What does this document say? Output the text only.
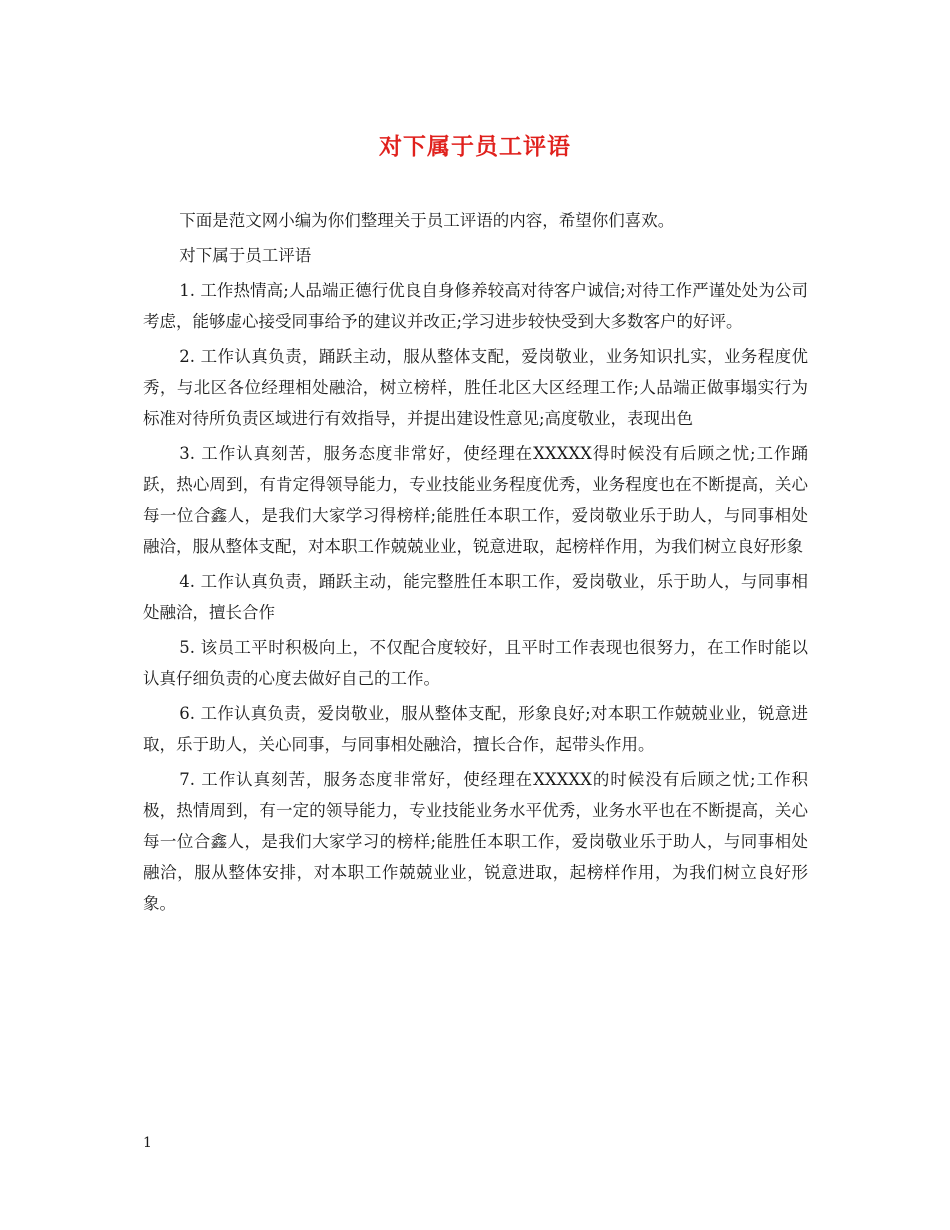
对下属于员工评语

下面是范文网小编为你们整理关于员工评语的内容，希望你们喜欢。

对下属于员工评语

1. 工作热情高;人品端正德行优良自身修养较高对待客户诚信;对待工作严谨处处为公司考虑，能够虚心接受同事给予的建议并改正;学习进步较快受到大多数客户的好评。

2. 工作认真负责，踊跃主动，服从整体支配，爱岗敬业，业务知识扎实，业务程度优秀，与北区各位经理相处融洽，树立榜样，胜任北区大区经理工作;人品端正做事塌实行为标准对待所负责区域进行有效指导，并提出建设性意见;高度敬业，表现出色

3. 工作认真刻苦，服务态度非常好，使经理在XXXXX得时候没有后顾之忧;工作踊跃，热心周到，有肯定得领导能力，专业技能业务程度优秀，业务程度也在不断提高，关心每一位合鑫人，是我们大家学习得榜样;能胜任本职工作，爱岗敬业乐于助人，与同事相处融洽，服从整体支配，对本职工作兢兢业业，锐意进取，起榜样作用，为我们树立良好形象

4. 工作认真负责，踊跃主动，能完整胜任本职工作，爱岗敬业，乐于助人，与同事相处融洽，擅长合作

5. 该员工平时积极向上，不仅配合度较好，且平时工作表现也很努力，在工作时能以认真仔细负责的心度去做好自己的工作。

6. 工作认真负责，爱岗敬业，服从整体支配，形象良好;对本职工作兢兢业业，锐意进取，乐于助人，关心同事，与同事相处融洽，擅长合作，起带头作用。

7. 工作认真刻苦，服务态度非常好，使经理在XXXXX的时候没有后顾之忧;工作积极，热情周到，有一定的领导能力，专业技能业务水平优秀，业务水平也在不断提高，关心每一位合鑫人，是我们大家学习的榜样;能胜任本职工作，爱岗敬业乐于助人，与同事相处融洽，服从整体安排，对本职工作兢兢业业，锐意进取，起榜样作用，为我们树立良好形象。

1
